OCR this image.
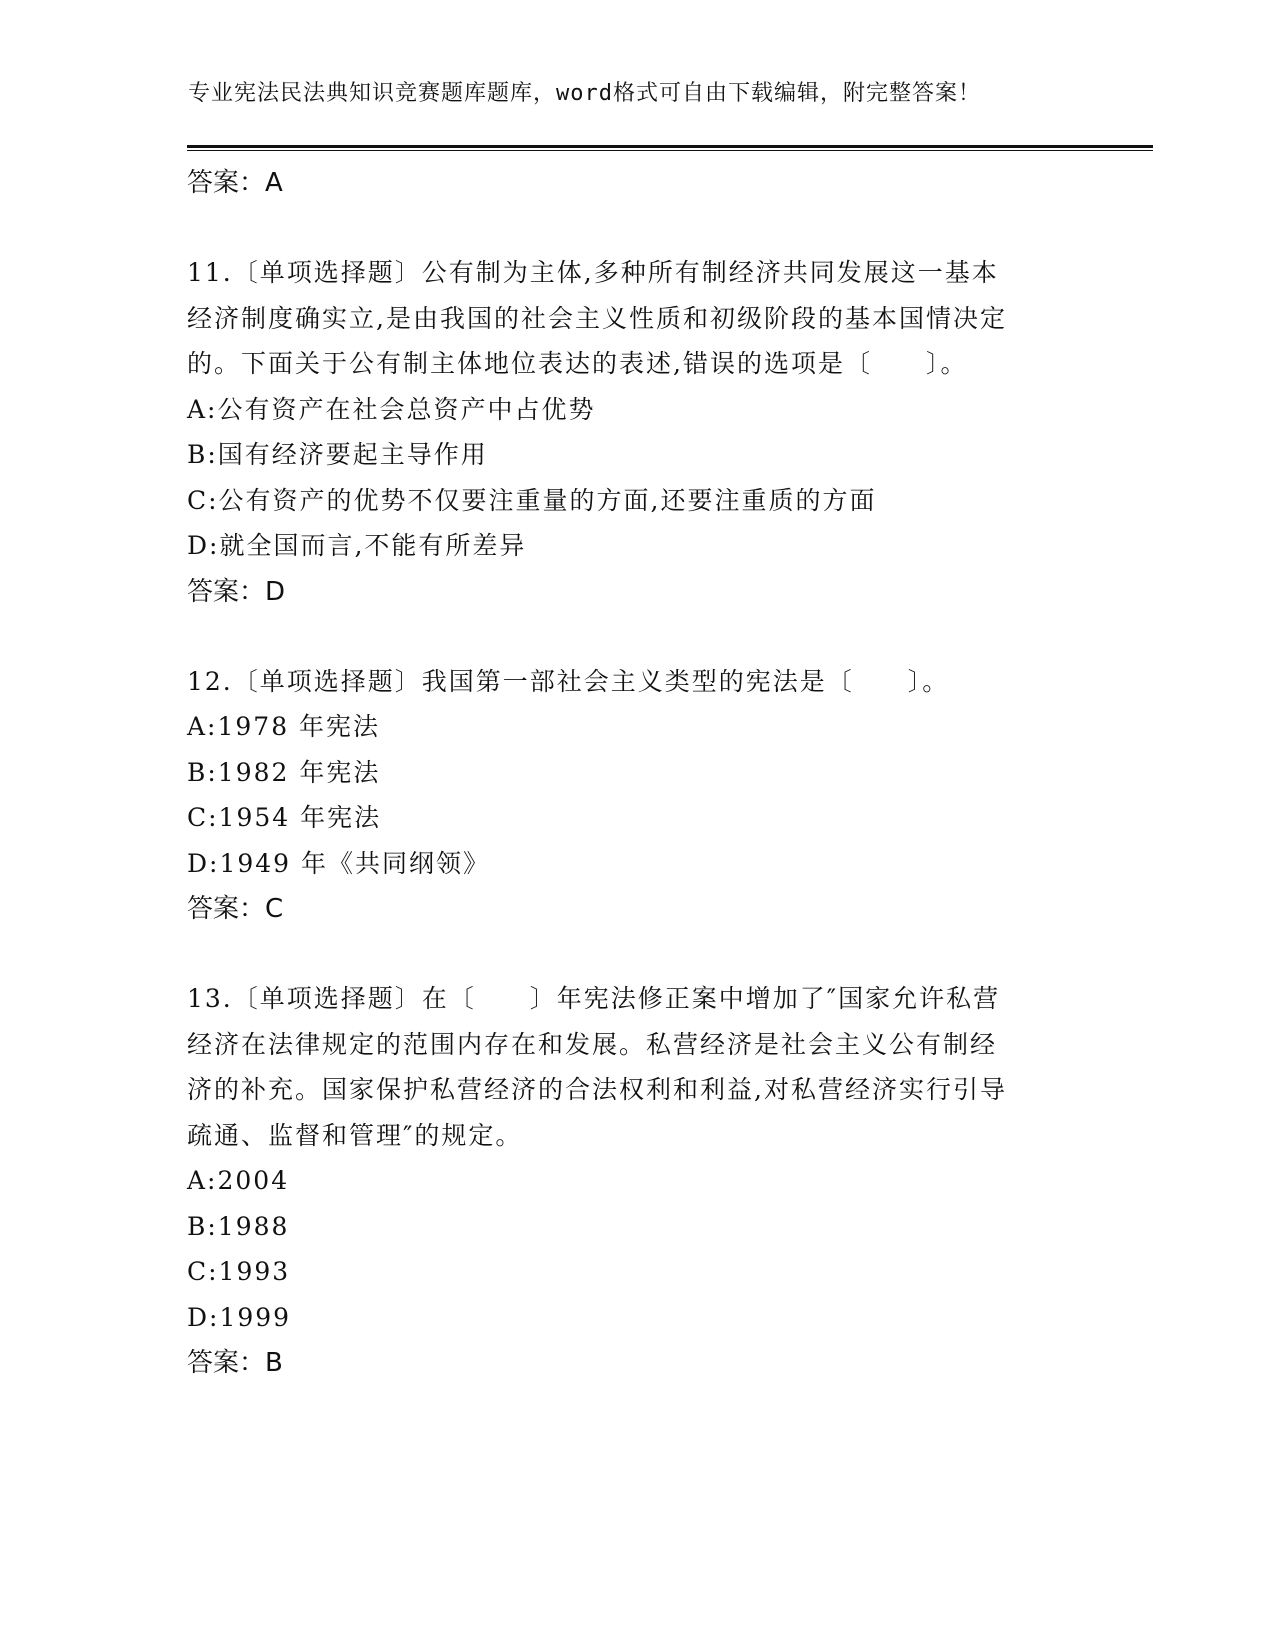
专业宪法民法典知识竞赛题库题库，word格式可自由下载编辑，附完整答案！
答案：A
11.〔单项选择题〕公有制为主体,多种所有制经济共同发展这一基本
经济制度确实立,是由我国的社会主义性质和初级阶段的基本国情决定
的。下面关于公有制主体地位表达的表述,错误的选项是〔　　〕。
A:公有资产在社会总资产中占优势
B:国有经济要起主导作用
C:公有资产的优势不仅要注重量的方面,还要注重质的方面
D:就全国而言,不能有所差异
答案：D
12.〔单项选择题〕我国第一部社会主义类型的宪法是〔　　〕。
A:1978 年宪法
B:1982 年宪法
C:1954 年宪法
D:1949 年《共同纲领》
答案：C
13.〔单项选择题〕在〔　　〕年宪法修正案中增加了″国家允许私营
经济在法律规定的范围内存在和发展。私营经济是社会主义公有制经
济的补充。国家保护私营经济的合法权利和利益,对私营经济实行引导
疏通、监督和管理″的规定。
A:2004
B:1988
C:1993
D:1999
答案：B
